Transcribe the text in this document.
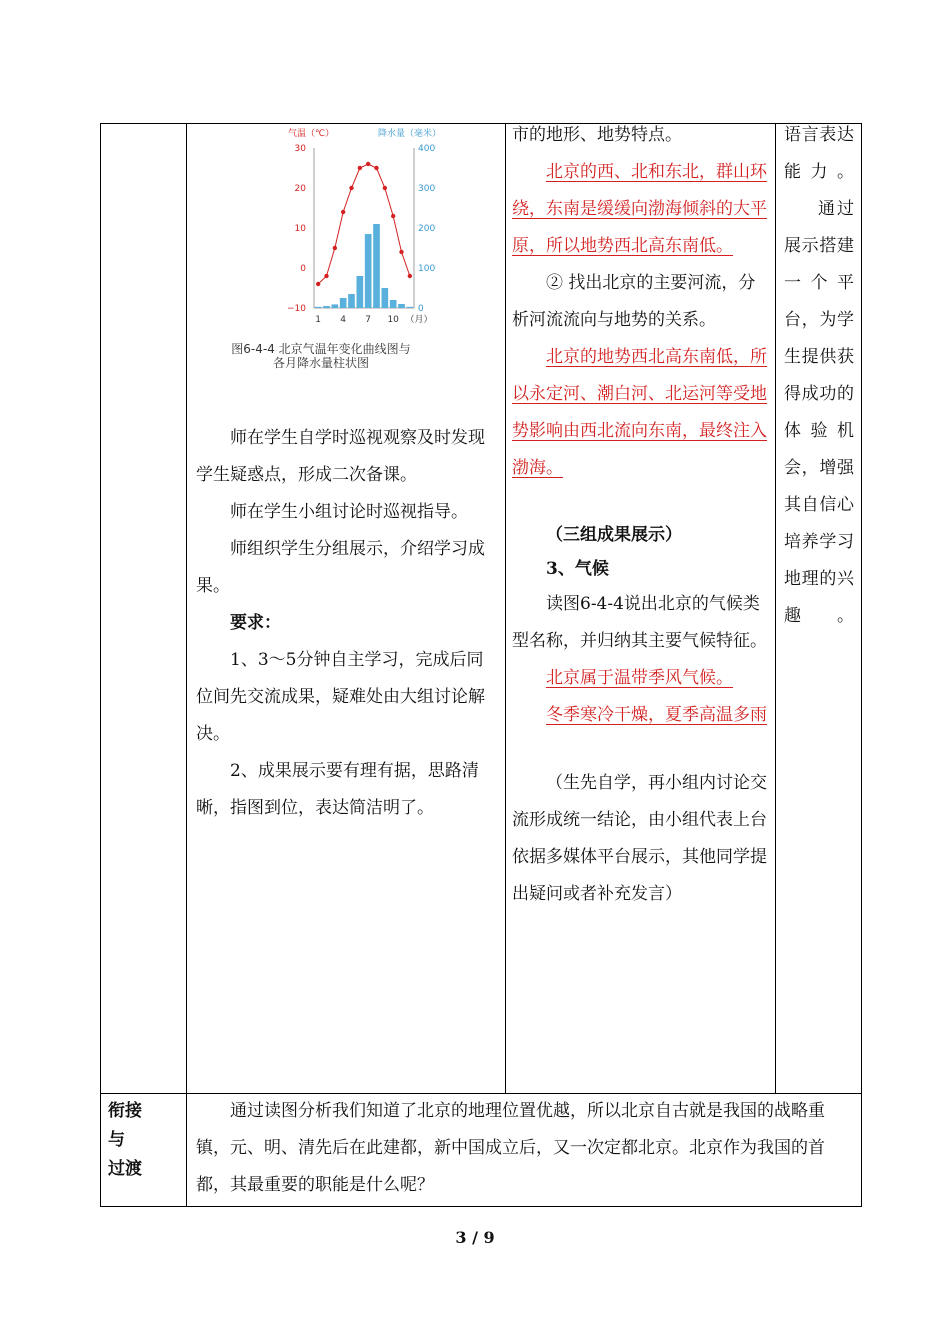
气温（℃）	降水量（毫米）
30
20
10
0
−10
400
300
200
100
0
1 4 7 10 （月）
图6-4-4 北京气温年变化曲线图与
各月降水量柱状图

师在学生自学时巡视观察及时发现学生疑惑点，形成二次备课。

师在学生小组讨论时巡视指导。

师组织学生分组展示，介绍学习成果。

要求：

1、3～5分钟自主学习，完成后同位间先交流成果，疑难处由大组讨论解决。

2、成果展示要有理有据，思路清晰，指图到位，表达简洁明了。

市的地形、地势特点。

北京的西、北和东北，群山环绕，东南是缓缓向渤海倾斜的大平原，所以地势西北高东南低。

② 找出北京的主要河流，分析河流流向与地势的关系。

北京的地势西北高东南低，所以永定河、潮白河、北运河等受地势影响由西北流向东南，最终注入渤海。

（三组成果展示）

3、气候

读图6-4-4说出北京的气候类型名称，并归纳其主要气候特征。

北京属于温带季风气候。

冬季寒冷干燥，夏季高温多雨

（生先自学，再小组内讨论交流形成统一结论，由小组代表上台依据多媒体平台展示，其他同学提出疑问或者补充发言）

语言表达能力。

通过展示搭建一个平台，为学生提供获得成功的体验机会，增强其自信心培养学习地理的兴趣。

衔接
与
过渡

通过读图分析我们知道了北京的地理位置优越，所以北京自古就是我国的战略重镇，元、明、清先后在此建都，新中国成立后，又一次定都北京。北京作为我国的首都，其最重要的职能是什么呢？

3 / 9
